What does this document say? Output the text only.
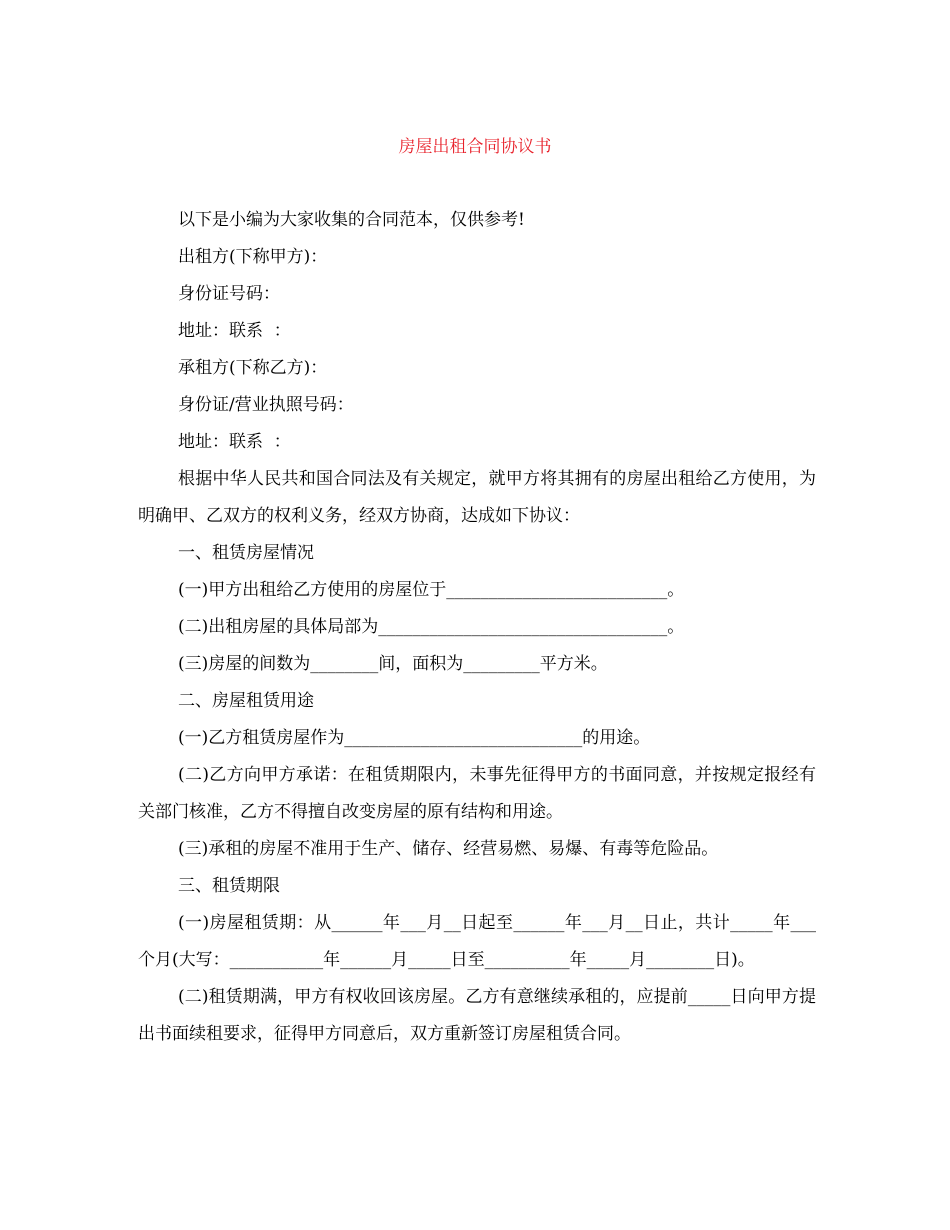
房屋出租合同协议书

以下是小编为大家收集的合同范本，仅供参考!

出租方(下称甲方)：

身份证号码：

地址：联系  ：

承租方(下称乙方)：

身份证/营业执照号码：

地址：联系  ：

根据中华人民共和国合同法及有关规定，就甲方将其拥有的房屋出租给乙方使用，为明确甲、乙双方的权利义务，经双方协商，达成如下协议：

一、租赁房屋情况

(一)甲方出租给乙方使用的房屋位于__________________________。

(二)出租房屋的具体局部为__________________________________。

(三)房屋的间数为________间，面积为_________平方米。

二、房屋租赁用途

(一)乙方租赁房屋作为____________________________的用途。

(二)乙方向甲方承诺：在租赁期限内，未事先征得甲方的书面同意，并按规定报经有关部门核准，乙方不得擅自改变房屋的原有结构和用途。

(三)承租的房屋不准用于生产、储存、经营易燃、易爆、有毒等危险品。

三、租赁期限

(一)房屋租赁期：从______年___月__日起至______年___月__日止，共计_____年___个月(大写：___________年______月_____日至__________年_____月________日)。

(二)租赁期满，甲方有权收回该房屋。乙方有意继续承租的，应提前_____日向甲方提出书面续租要求，征得甲方同意后，双方重新签订房屋租赁合同。
